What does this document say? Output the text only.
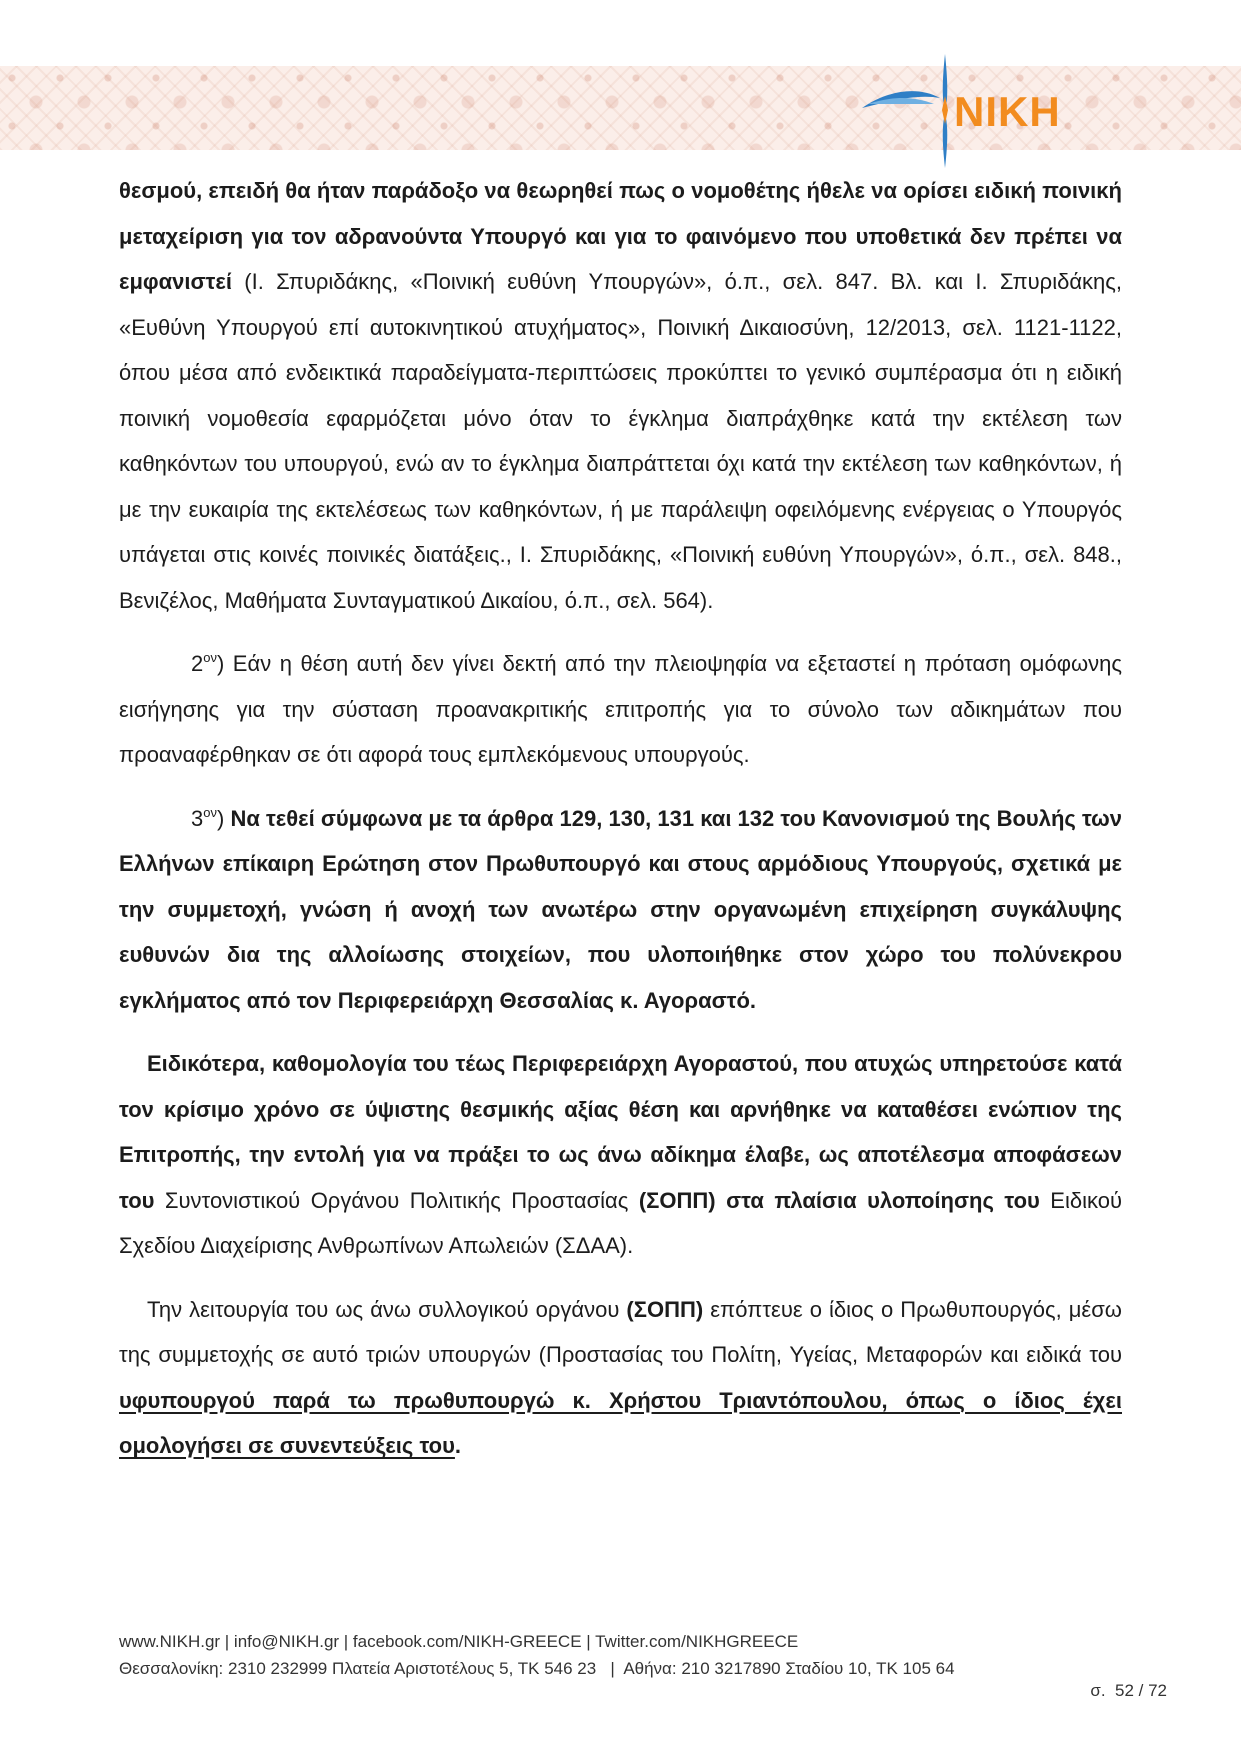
NIKH

θεσμού, επειδή θα ήταν παράδοξο να θεωρηθεί πως ο νομοθέτης ήθελε να ορίσει ειδική ποινική μεταχείριση για τον αδρανούντα Υπουργό και για το φαινόμενο που υποθετικά δεν πρέπει να εμφανιστεί (Ι. Σπυριδάκης, «Ποινική ευθύνη Υπουργών», ό.π., σελ. 847. Βλ. και Ι. Σπυριδάκης, «Ευθύνη Υπουργού επί αυτοκινητικού ατυχήματος», Ποινική Δικαιοσύνη, 12/2013, σελ. 1121-1122, όπου μέσα από ενδεικτικά παραδείγματα-περιπτώσεις προκύπτει το γενικό συμπέρασμα ότι η ειδική ποινική νομοθεσία εφαρμόζεται μόνο όταν το έγκλημα διαπράχθηκε κατά την εκτέλεση των καθηκόντων του υπουργού, ενώ αν το έγκλημα διαπράττεται όχι κατά την εκτέλεση των καθηκόντων, ή με την ευκαιρία της εκτελέσεως των καθηκόντων, ή με παράλειψη οφειλόμενης ενέργειας ο Υπουργός υπάγεται στις κοινές ποινικές διατάξεις., Ι. Σπυριδάκης, «Ποινική ευθύνη Υπουργών», ό.π., σελ. 848., Βενιζέλος, Μαθήματα Συνταγματικού Δικαίου, ό.π., σελ. 564).

$2^{o\nu}$) Εάν η θέση αυτή δεν γίνει δεκτή από την πλειοψηφία να εξεταστεί η πρόταση ομόφωνης εισήγησης για την σύσταση προανακριτικής επιτροπής για το σύνολο των αδικημάτων που προαναφέρθηκαν σε ότι αφορά τους εμπλεκόμενους υπουργούς.

$3^{o\nu}$) Να τεθεί σύμφωνα με τα άρθρα 129, 130, 131 και 132 του Κανονισμού της Βουλής των Ελλήνων επίκαιρη Ερώτηση στον Πρωθυπουργό και στους αρμόδιους Υπουργούς, σχετικά με την συμμετοχή, γνώση ή ανοχή των ανωτέρω στην οργανωμένη επιχείρηση συγκάλυψης ευθυνών δια της αλλοίωσης στοιχείων, που υλοποιήθηκε στον χώρο του πολύνεκρου εγκλήματος από τον Περιφερειάρχη Θεσσαλίας κ. Αγοραστό.

Ειδικότερα, καθομολογία του τέως Περιφερειάρχη Αγοραστού, που ατυχώς υπηρετούσε κατά τον κρίσιμο χρόνο σε ύψιστης θεσμικής αξίας θέση και αρνήθηκε να καταθέσει ενώπιον της Επιτροπής, την εντολή για να πράξει το ως άνω αδίκημα έλαβε, ως αποτέλεσμα αποφάσεων του Συντονιστικού Οργάνου Πολιτικής Προστασίας (ΣΟΠΠ) στα πλαίσια υλοποίησης του Ειδικού Σχεδίου Διαχείρισης Ανθρωπίνων Απωλειών (ΣΔΑΑ).

Την λειτουργία του ως άνω συλλογικού οργάνου (ΣΟΠΠ) επόπτευε ο ίδιος ο Πρωθυπουργός, μέσω της συμμετοχής σε αυτό τριών υπουργών (Προστασίας του Πολίτη, Υγείας, Μεταφορών και ειδικά του υφυπουργού παρά τω πρωθυπουργώ κ. Χρήστου Τριαντόπουλου, όπως ο ίδιος έχει ομολογήσει σε συνεντεύξεις του.

www.NIKH.gr | info@NIKH.gr | facebook.com/NIKH-GREECE | Twitter.com/NIKHGREECE
Θεσσαλονίκη: 2310 232999 Πλατεία Αριστοτέλους 5, ΤΚ 546 23   |  Αθήνα: 210 3217890 Σταδίου 10, ΤΚ 105 64
σ.  52 / 72
